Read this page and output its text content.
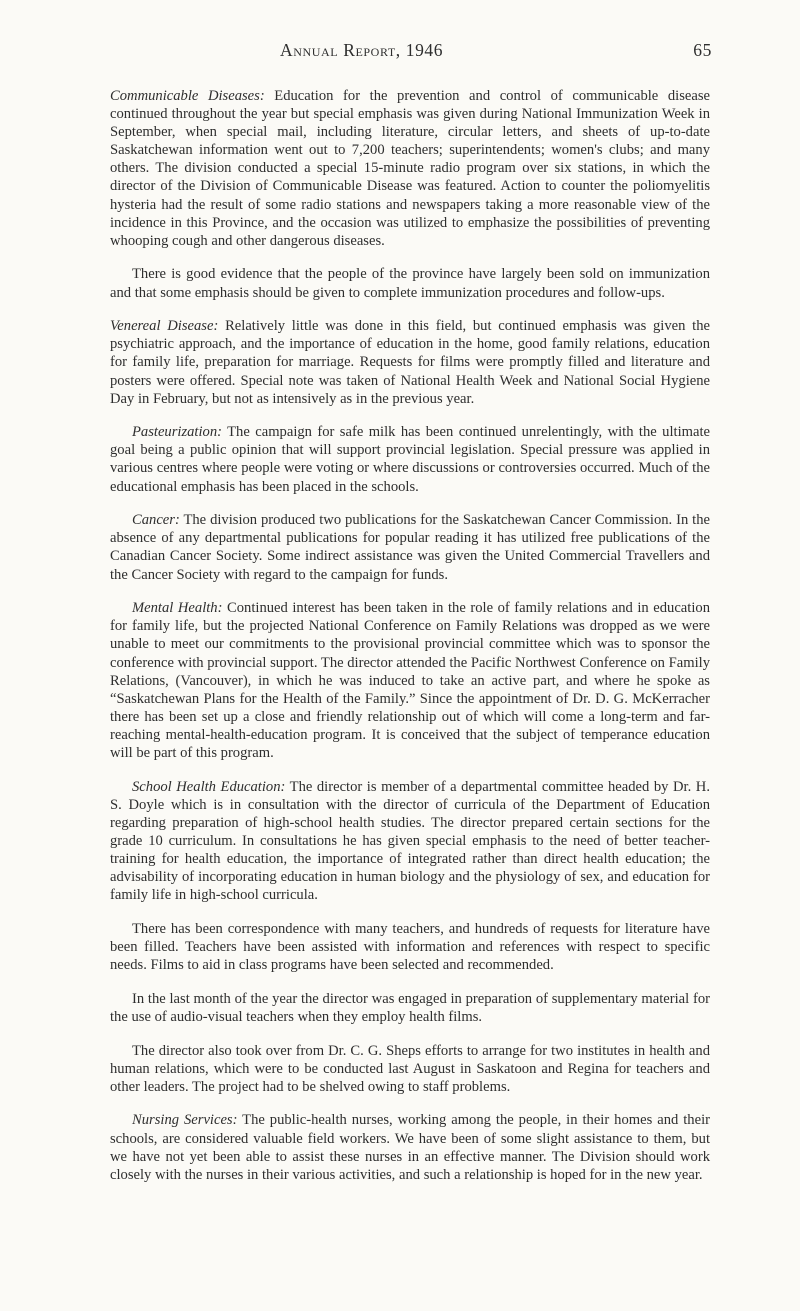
Annual Report, 1946	65

Communicable Diseases: Education for the prevention and control of communicable disease continued throughout the year but special emphasis was given during National Immunization Week in September, when special mail, including literature, circular letters, and sheets of up-to-date Saskatchewan information went out to 7,200 teachers; superintendents; women's clubs; and many others. The division conducted a special 15-minute radio program over six stations, in which the director of the Division of Communicable Disease was featured. Action to counter the poliomyelitis hysteria had the result of some radio stations and newspapers taking a more reasonable view of the incidence in this Province, and the occasion was utilized to emphasize the possibilities of preventing whooping cough and other dangerous diseases.

There is good evidence that the people of the province have largely been sold on immunization and that some emphasis should be given to complete immunization procedures and follow-ups.

Venereal Disease: Relatively little was done in this field, but continued emphasis was given the psychiatric approach, and the importance of education in the home, good family relations, education for family life, preparation for marriage. Requests for films were promptly filled and literature and posters were offered. Special note was taken of National Health Week and National Social Hygiene Day in February, but not as intensively as in the previous year.

Pasteurization: The campaign for safe milk has been continued unrelentingly, with the ultimate goal being a public opinion that will support provincial legislation. Special pressure was applied in various centres where people were voting or where discussions or controversies occurred. Much of the educational emphasis has been placed in the schools.

Cancer: The division produced two publications for the Saskatchewan Cancer Commission. In the absence of any departmental publications for popular reading it has utilized free publications of the Canadian Cancer Society. Some indirect assistance was given the United Commercial Travellers and the Cancer Society with regard to the campaign for funds.

Mental Health: Continued interest has been taken in the role of family relations and in education for family life, but the projected National Conference on Family Relations was dropped as we were unable to meet our commitments to the provisional provincial committee which was to sponsor the conference with provincial support. The director attended the Pacific Northwest Conference on Family Relations, (Vancouver), in which he was induced to take an active part, and where he spoke as “Saskatchewan Plans for the Health of the Family.” Since the appointment of Dr. D. G. McKerracher there has been set up a close and friendly relationship out of which will come a long-term and far-reaching mental-health-education program. It is conceived that the subject of temperance education will be part of this program.

School Health Education: The director is member of a departmental committee headed by Dr. H. S. Doyle which is in consultation with the director of curricula of the Department of Education regarding preparation of high-school health studies. The director prepared certain sections for the grade 10 curriculum. In consultations he has given special emphasis to the need of better teacher-training for health education, the importance of integrated rather than direct health education; the advisability of incorporating education in human biology and the physiology of sex, and education for family life in high-school curricula.

There has been correspondence with many teachers, and hundreds of requests for literature have been filled. Teachers have been assisted with information and references with respect to specific needs. Films to aid in class programs have been selected and recommended.

In the last month of the year the director was engaged in preparation of supplementary material for the use of audio-visual teachers when they employ health films.

The director also took over from Dr. C. G. Sheps efforts to arrange for two institutes in health and human relations, which were to be conducted last August in Saskatoon and Regina for teachers and other leaders. The project had to be shelved owing to staff problems.

Nursing Services: The public-health nurses, working among the people, in their homes and their schools, are considered valuable field workers. We have been of some slight assistance to them, but we have not yet been able to assist these nurses in an effective manner. The Division should work closely with the nurses in their various activities, and such a relationship is hoped for in the new year.
